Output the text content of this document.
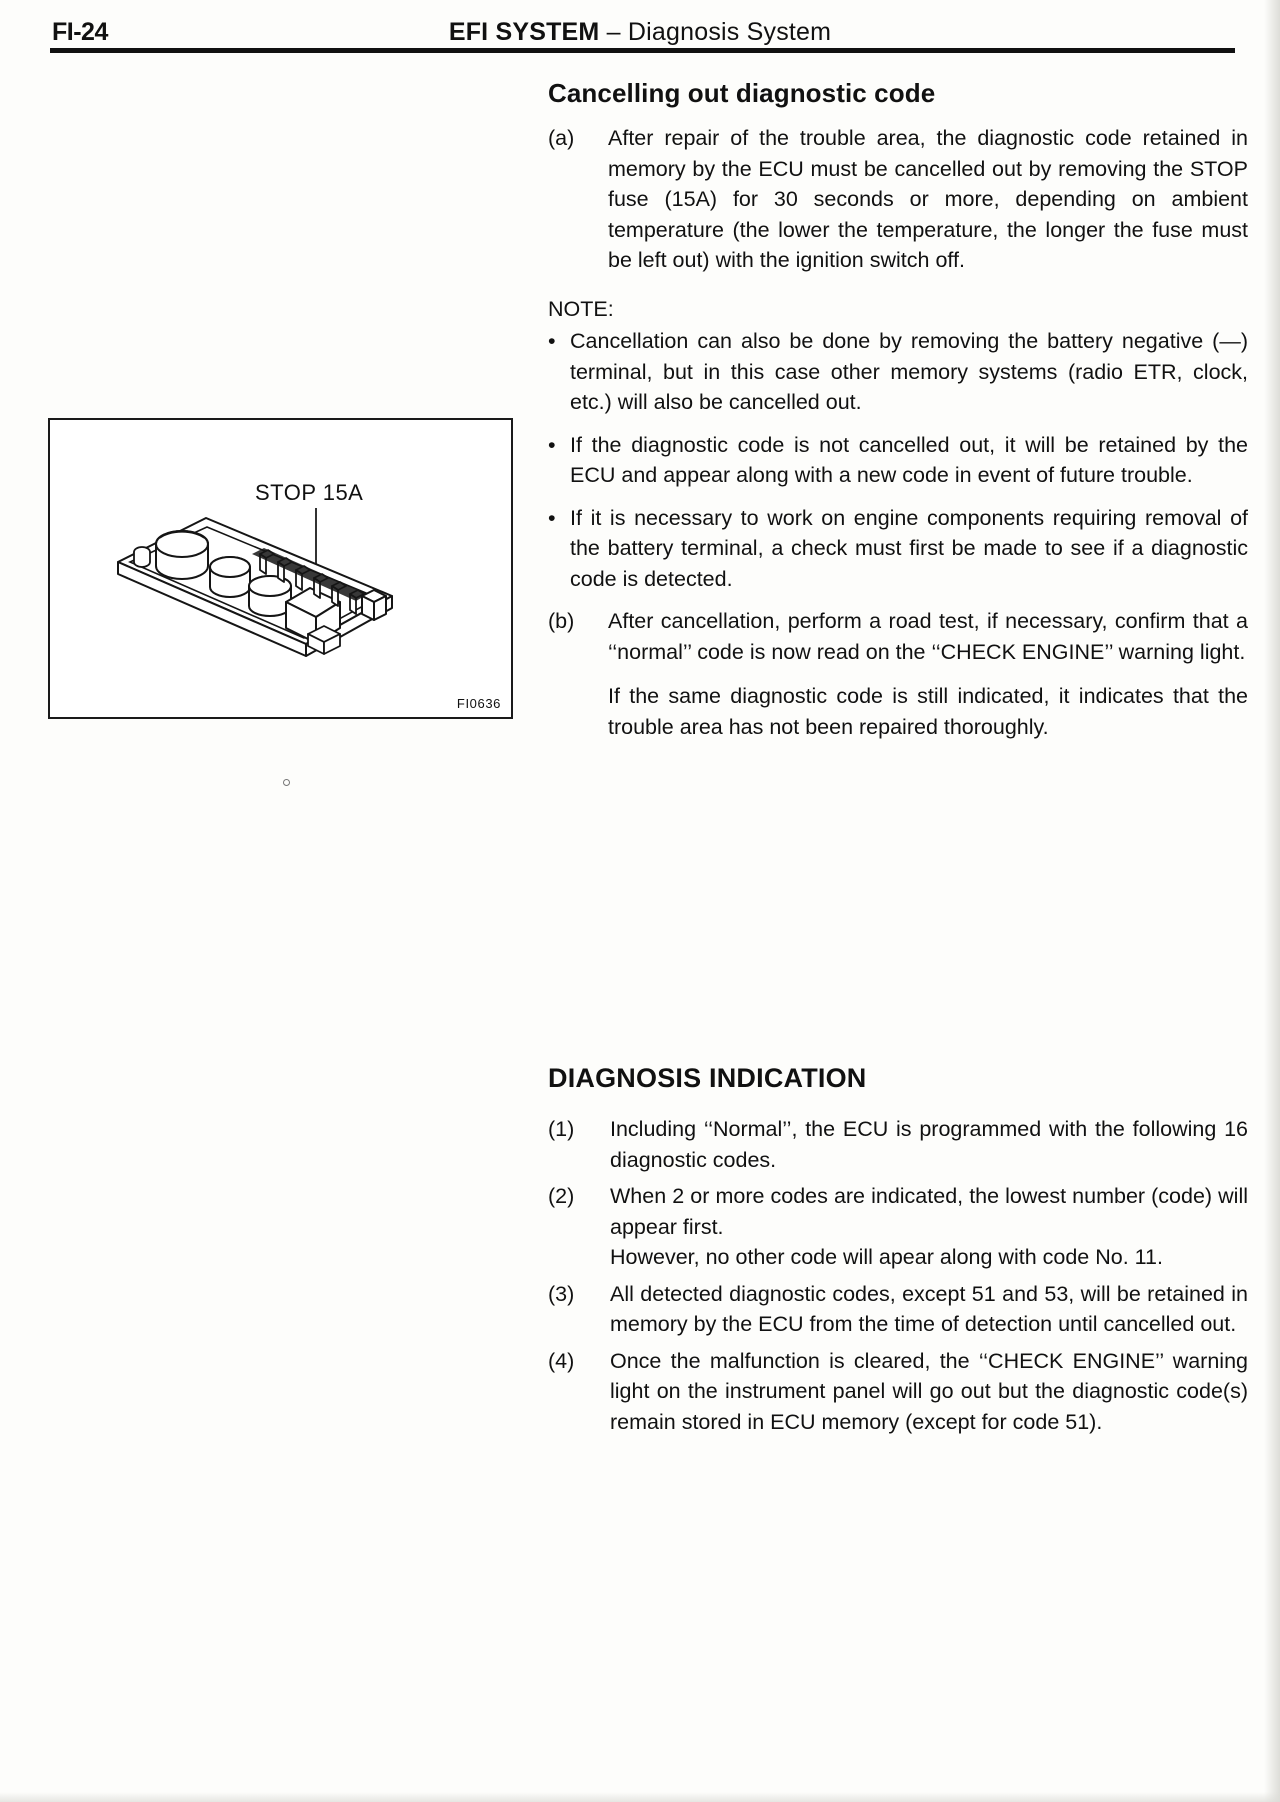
FI-24	EFI SYSTEM – Diagnosis System
STOP 15A
FI0636
Cancelling out diagnostic code
(a)	After repair of the trouble area, the diagnostic code retained in memory by the ECU must be cancelled out by removing the STOP fuse (15A) for 30 seconds or more, depending on ambient temperature (the lower the temperature, the longer the fuse must be left out) with the ignition switch off.
NOTE:
• Cancellation can also be done by removing the battery negative (—) terminal, but in this case other memory systems (radio ETR, clock, etc.) will also be cancelled out.
• If the diagnostic code is not cancelled out, it will be retained by the ECU and appear along with a new code in event of future trouble.
• If it is necessary to work on engine components requiring removal of the battery terminal, a check must first be made to see if a diagnostic code is detected.
(b)	After cancellation, perform a road test, if necessary, confirm that a ‘‘normal’’ code is now read on the ‘‘CHECK ENGINE’’ warning light.

If the same diagnostic code is still indicated, it indicates that the trouble area has not been repaired thoroughly.

DIAGNOSIS INDICATION
(1)	Including ‘‘Normal’’, the ECU is programmed with the following 16 diagnostic codes.
(2)	When 2 or more codes are indicated, the lowest number (code) will appear first.

However, no other code will apear along with code No. 11.

(3)	All detected diagnostic codes, except 51 and 53, will be retained in memory by the ECU from the time of detection until cancelled out.
(4)	Once the malfunction is cleared, the ‘‘CHECK ENGINE’’ warning light on the instrument panel will go out but the diagnostic code(s) remain stored in ECU memory (except for code 51).
